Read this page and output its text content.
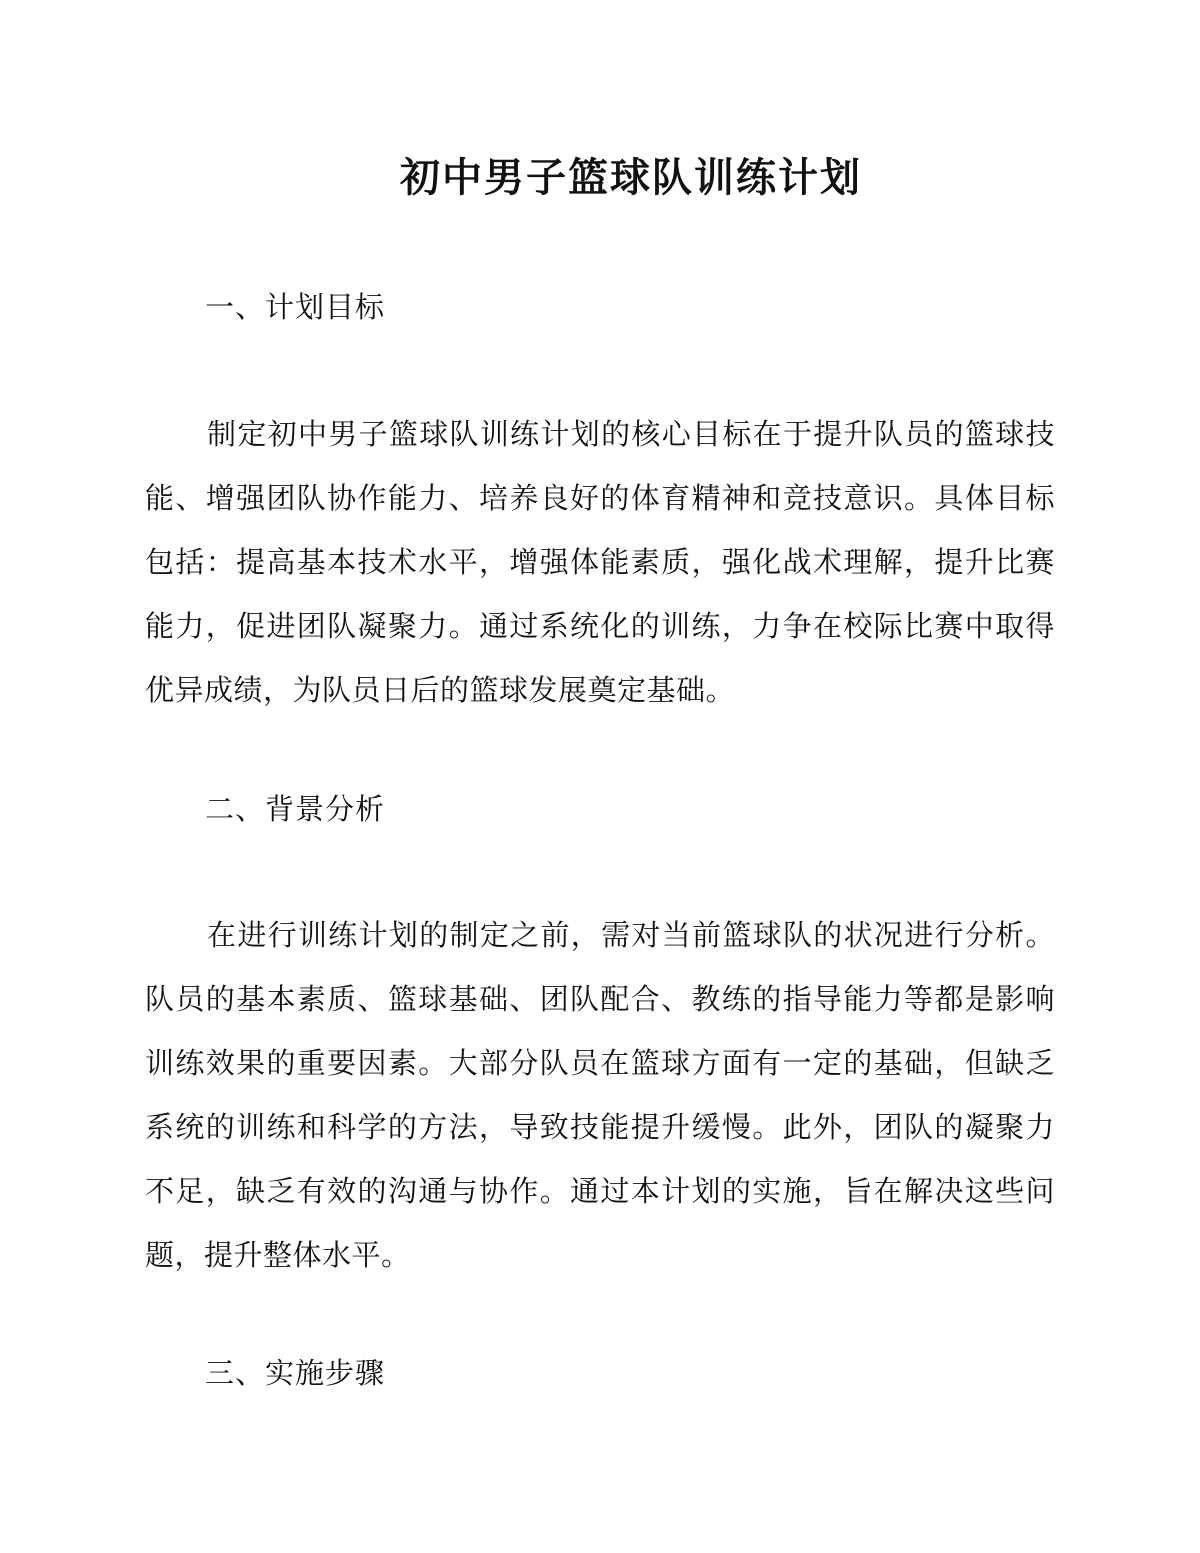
初中男子篮球队训练计划
一、计划目标
制定初中男子篮球队训练计划的核心目标在于提升队员的篮球技能、增强团队协作能力、培养良好的体育精神和竞技意识。具体目标包括：提高基本技术水平，增强体能素质，强化战术理解，提升比赛能力，促进团队凝聚力。通过系统化的训练，力争在校际比赛中取得优异成绩，为队员日后的篮球发展奠定基础。
二、背景分析
在进行训练计划的制定之前，需对当前篮球队的状况进行分析。队员的基本素质、篮球基础、团队配合、教练的指导能力等都是影响训练效果的重要因素。大部分队员在篮球方面有一定的基础，但缺乏系统的训练和科学的方法，导致技能提升缓慢。此外，团队的凝聚力不足，缺乏有效的沟通与协作。通过本计划的实施，旨在解决这些问题，提升整体水平。
三、实施步骤
